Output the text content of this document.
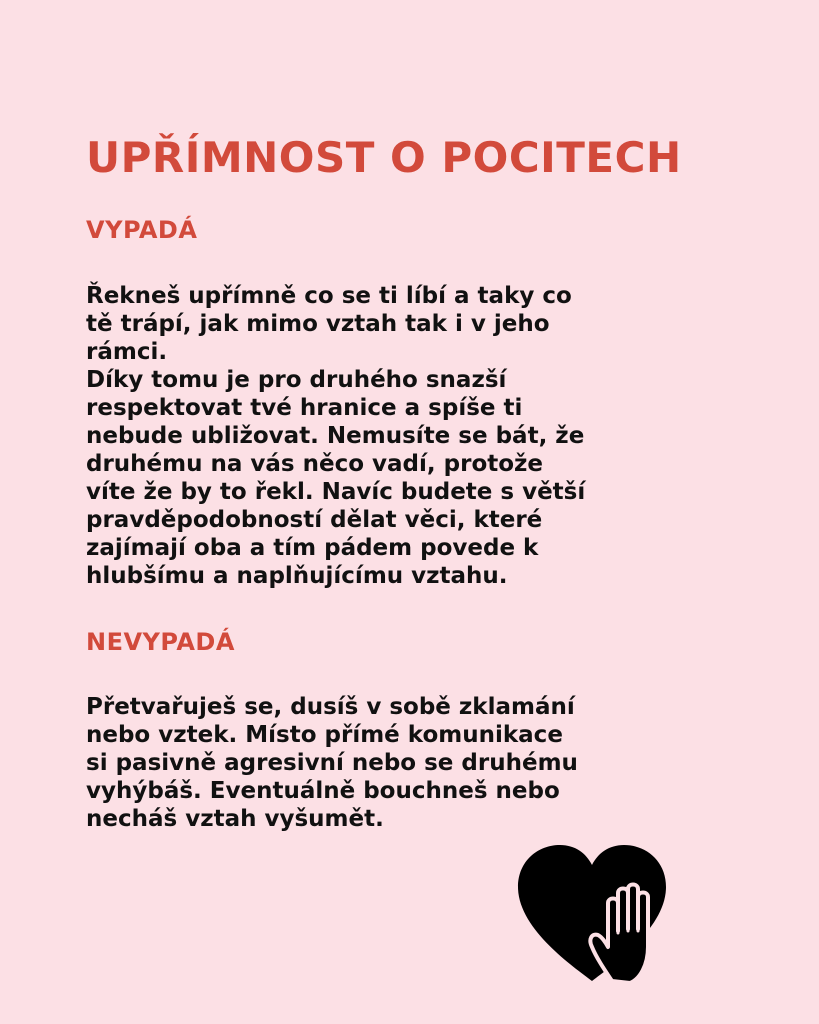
UPŘÍMNOST O POCITECH
VYPADÁ

Řekneš upřímně co se ti líbí a taky co
tě trápí, jak mimo vztah tak i v jeho
rámci.
Díky tomu je pro druhého snazší
respektovat tvé hranice a spíše ti
nebude ubližovat. Nemusíte se bát, že
druhému na vás něco vadí, protože
víte že by to řekl. Navíc budete s větší
pravděpodobností dělat věci, které
zajímají oba a tím pádem povede k
hlubšímu a naplňujícímu vztahu.

NEVYPADÁ

Přetvařuješ se, dusíš v sobě zklamání
nebo vztek. Místo přímé komunikace
si pasivně agresivní nebo se druhému
vyhýbáš. Eventuálně bouchneš nebo
necháš vztah vyšumět.
